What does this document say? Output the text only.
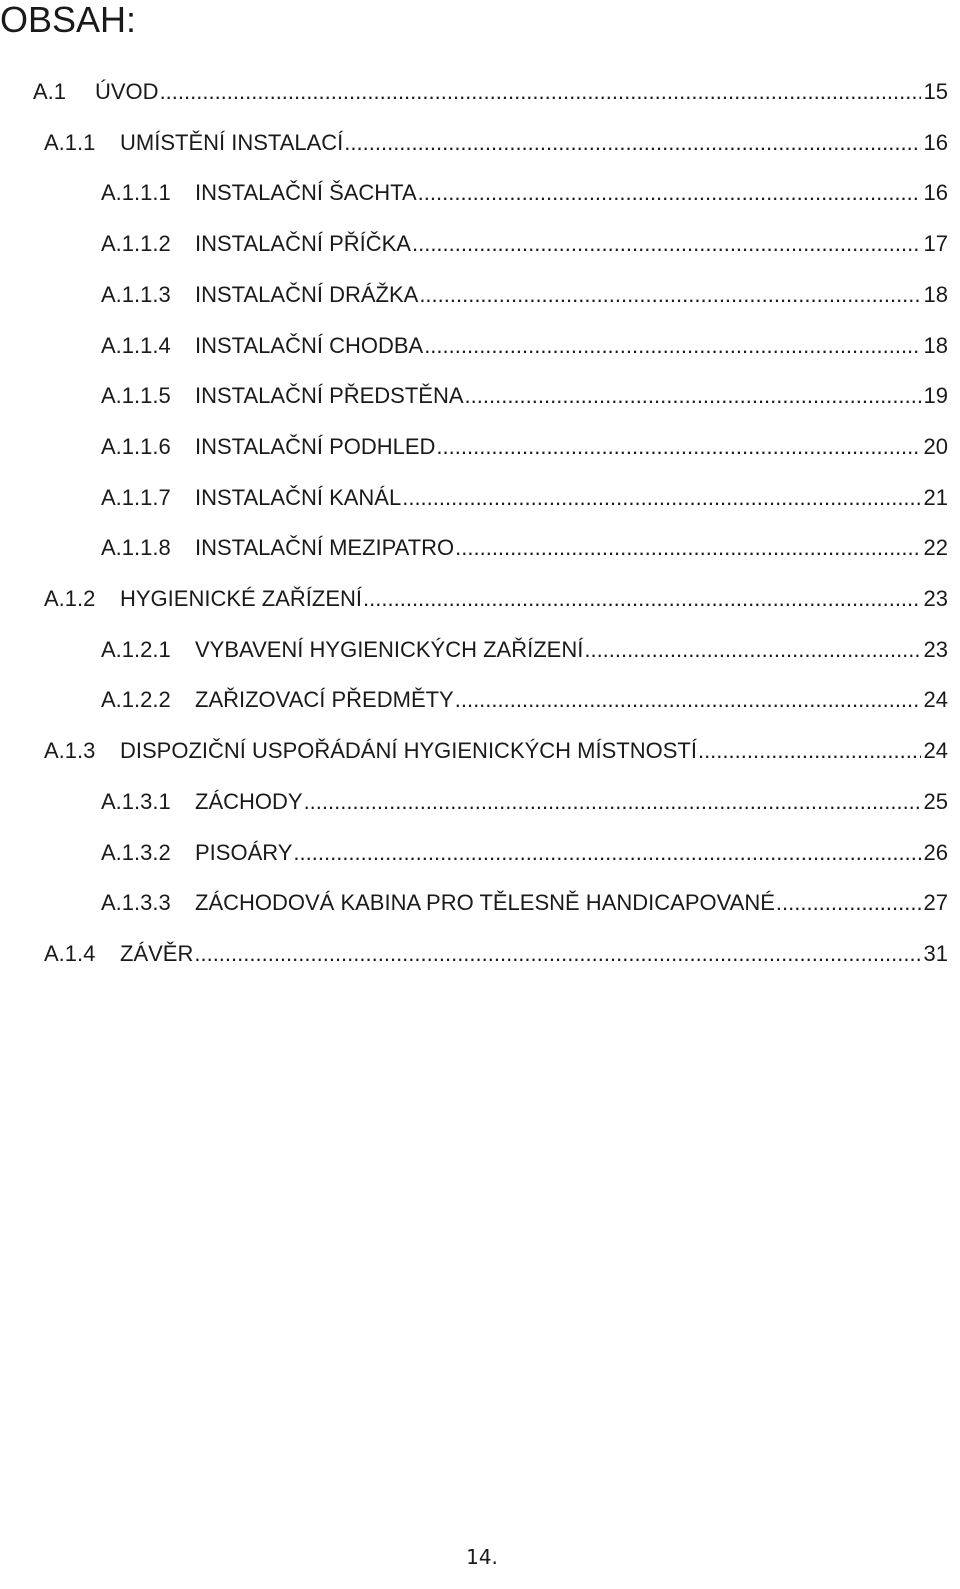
OBSAH:
A.1	ÚVOD .....	15
A.1.1	UMÍSTĚNÍ INSTALACÍ .....	16
A.1.1.1	INSTALAČNÍ ŠACHTA .....	16
A.1.1.2	INSTALAČNÍ PŘÍČKA .....	17
A.1.1.3	INSTALAČNÍ DRÁŽKA .....	18
A.1.1.4	INSTALAČNÍ CHODBA .....	18
A.1.1.5	INSTALAČNÍ PŘEDSTĚNA .....	19
A.1.1.6	INSTALAČNÍ PODHLED .....	20
A.1.1.7	INSTALAČNÍ KANÁL .....	21
A.1.1.8	INSTALAČNÍ MEZIPATRO .....	22
A.1.2	HYGIENICKÉ ZAŘÍZENÍ .....	23
A.1.2.1	VYBAVENÍ HYGIENICKÝCH ZAŘÍZENÍ .....	23
A.1.2.2	ZAŘIZOVACÍ PŘEDMĚTY .....	24
A.1.3	DISPOZIČNÍ USPOŘÁDÁNÍ HYGIENICKÝCH MÍSTNOSTÍ .....	24
A.1.3.1	ZÁCHODY .....	25
A.1.3.2	PISOÁRY .....	26
A.1.3.3	ZÁCHODOVÁ KABINA PRO TĚLESNĚ HANDICAPOVANÉ .....	27
A.1.4	ZÁVĚR .....	31
14.
